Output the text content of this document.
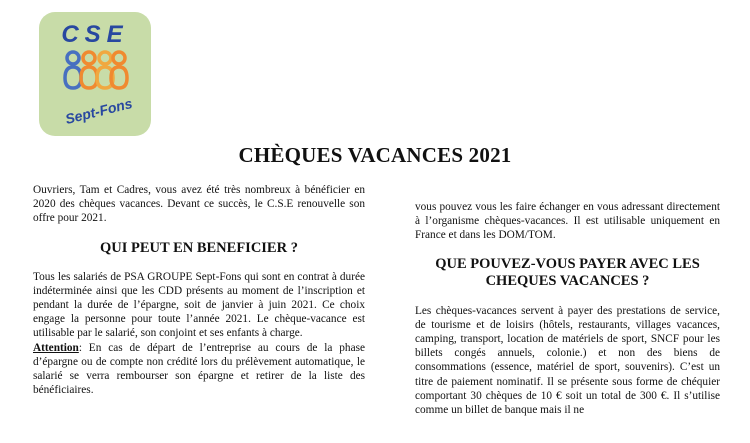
CSE
Sept-Fons
CHÈQUES VACANCES 2021

Ouvriers, Tam et Cadres, vous avez été très nombreux à bénéficier en 2020 des chèques vacances. Devant ce succès, le C.S.E renouvelle son offre pour 2021.

QUI PEUT EN BENEFICIER ?

Tous les salariés de PSA GROUPE Sept-Fons qui sont en contrat à durée indéterminée ainsi que les CDD présents au moment de l’inscription et pendant la durée de l’épargne, soit de janvier à juin 2021. Ce choix engage la personne pour toute l’année 2021. Le chèque-vacance est utilisable par le salarié, son conjoint et ses enfants à charge.

Attention: En cas de départ de l’entreprise au cours de la phase d’épargne ou de compte non crédité lors du prélèvement automatique, le salarié se verra rembourser son épargne et retirer de la liste des bénéficiaires.

vous pouvez vous les faire échanger en vous adressant directement à l’organisme chèques-vacances. Il est utilisable uniquement en France et dans les DOM/TOM.

QUE POUVEZ-VOUS PAYER AVEC LES CHEQUES VACANCES ?

Les chèques-vacances servent à payer des prestations de service, de tourisme et de loisirs (hôtels, restaurants, villages vacances, camping, transport, location de matériels de sport, SNCF pour les billets congés annuels, colonie.) et non des biens de consommations (essence, matériel de sport, souvenirs). C’est un titre de paiement nominatif. Il se présente sous forme de chéquier comportant 30 chèques de 10 € soit un total de 300 €. Il s’utilise comme un billet de banque mais il ne
